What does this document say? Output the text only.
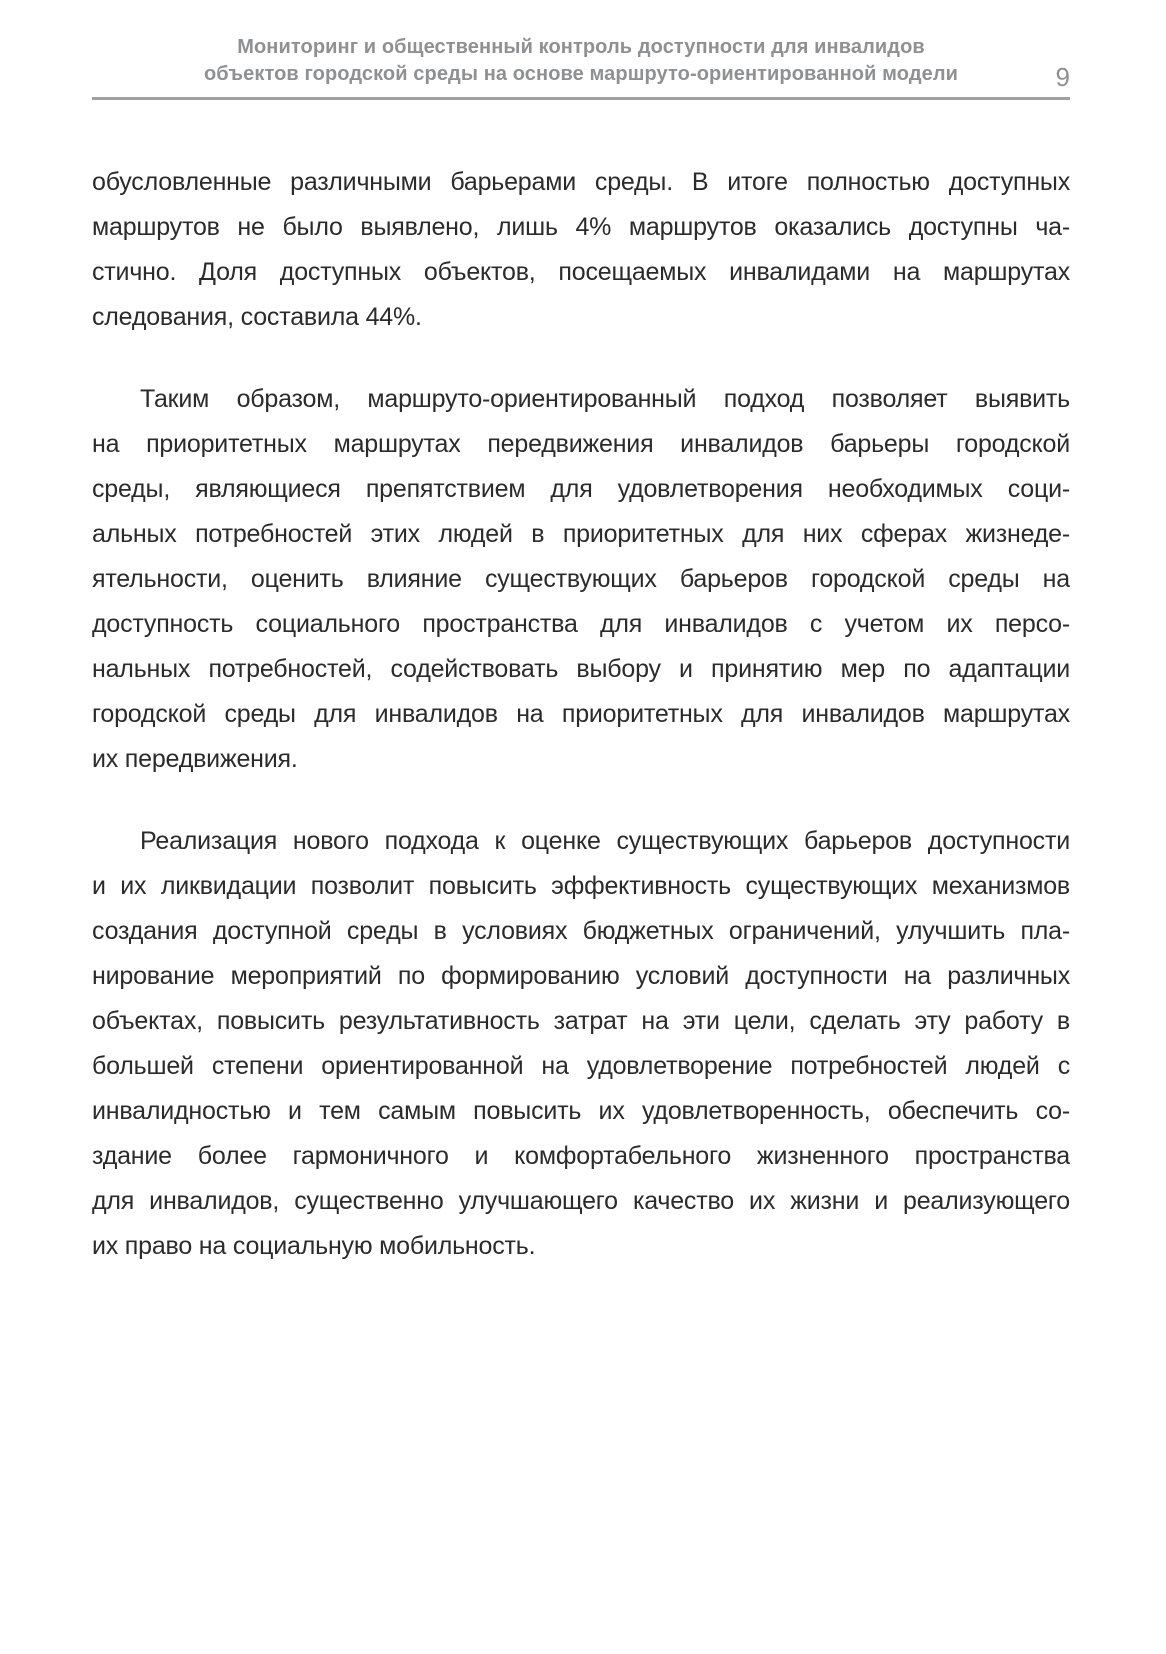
Мониторинг и общественный контроль доступности для инвалидов
объектов городской среды на основе маршруто-ориентированной модели	9
обусловленные различными барьерами среды. В итоге полностью доступных
маршрутов не было выявлено, лишь 4% маршрутов оказались доступны ча-
стично. Доля доступных объектов, посещаемых инвалидами на маршрутах
следования, составила 44%.
Таким образом, маршруто-ориентированный подход позволяет выявить
на приоритетных маршрутах передвижения инвалидов барьеры городской
среды, являющиеся препятствием для удовлетворения необходимых соци-
альных потребностей этих людей в приоритетных для них сферах жизнеде-
ятельности, оценить влияние существующих барьеров городской среды на
доступность социального пространства для инвалидов с учетом их персо-
нальных потребностей, содействовать выбору и принятию мер по адаптации
городской среды для инвалидов на приоритетных для инвалидов маршрутах
их передвижения.
Реализация нового подхода к оценке существующих барьеров доступности
и их ликвидации позволит повысить эффективность существующих механизмов
создания доступной среды в условиях бюджетных ограничений, улучшить пла-
нирование мероприятий по формированию условий доступности на различных
объектах, повысить результативность затрат на эти цели, сделать эту работу в
большей степени ориентированной на удовлетворение потребностей людей с
инвалидностью и тем самым повысить их удовлетворенность, обеспечить со-
здание более гармоничного и комфортабельного жизненного пространства
для инвалидов, существенно улучшающего качество их жизни и реализующего
их право на социальную мобильность.
